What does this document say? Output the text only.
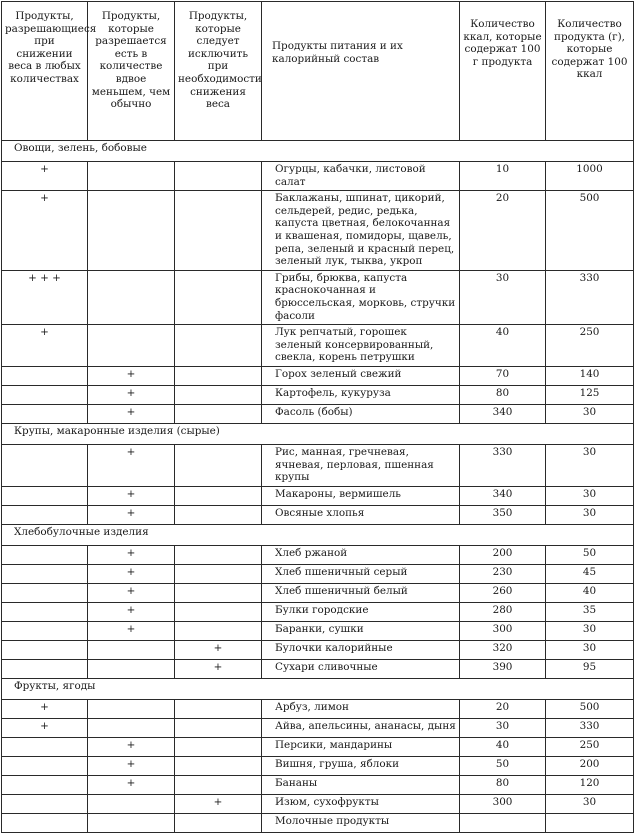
Продукты, разрешающиеся при снижении веса в любых количествах	Продукты, которые разрешается есть в количестве вдвое меньшем, чем обычно	Продукты, которые следует исключить при необходимости снижения веса	Продукты питания и их калорийный состав	Количество ккал, которые содержат 100 г продукта	Количество продукта (г), которые содержат 100 ккал
Овощи, зелень, бобовые					
+			Огурцы, кабачки, листовой салат	10	1000
+			Баклажаны, шпинат, цикорий, сельдерей, редис, редька, капуста цветная, белокочанная и квашеная, помидоры, щавель, репа, зеленый и красный перец, зеленый лук, тыква, укроп	20	500
+ + +			Грибы, брюква, капуста краснокочанная и брюссельская, морковь, стручки фасоли	30	330
+			Лук репчатый, горошек зеленый консервированный, свекла, корень петрушки	40	250
	+		Горох зеленый свежий	70	140
	+		Картофель, кукуруза	80	125
	+		Фасоль (бобы)	340	30
Крупы, макаронные изделия (сырые)					
	+		Рис, манная, гречневая, ячневая, перловая, пшенная крупы	330	30
	+		Макароны, вермишель	340	30
	+		Овсяные хлопья	350	30
Хлебобулочные изделия					
	+		Хлеб ржаной	200	50
	+		Хлеб пшеничный серый	230	45
	+		Хлеб пшеничный белый	260	40
	+		Булки городские	280	35
	+		Баранки, сушки	300	30
		+	Булочки калорийные	320	30
		+	Сухари сливочные	390	95
Фрукты, ягоды					
+			Арбуз, лимон	20	500
+			Айва, апельсины, ананасы, дыня	30	330
	+		Персики, мандарины	40	250
	+		Вишня, груша, яблоки	50	200
	+		Бананы	80	120
		+	Изюм, сухофрукты	300	30
			Молочные продукты		
